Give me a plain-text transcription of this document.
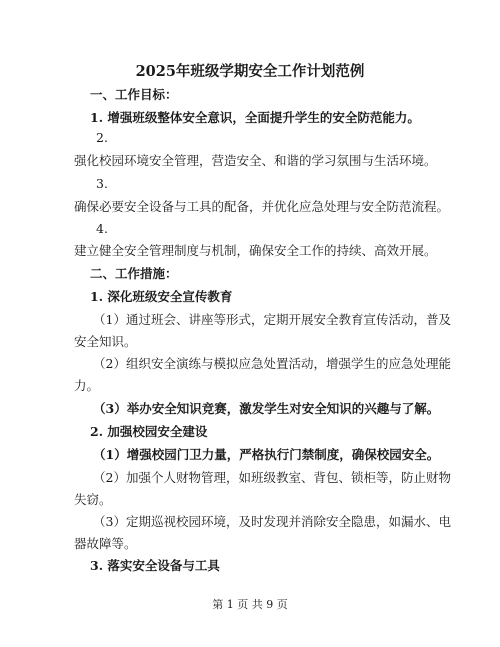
2025年班级学期安全工作计划范例
一、工作目标：
1. 增强班级整体安全意识，全面提升学生的安全防范能力。
2.
强化校园环境安全管理，营造安全、和谐的学习氛围与生活环境。
3.
确保必要安全设备与工具的配备，并优化应急处理与安全防范流程。
4.
建立健全安全管理制度与机制，确保安全工作的持续、高效开展。
二、工作措施：
1. 深化班级安全宣传教育
（1）通过班会、讲座等形式，定期开展安全教育宣传活动，普及
安全知识。
（2）组织安全演练与模拟应急处置活动，增强学生的应急处理能
力。
（3）举办安全知识竞赛，激发学生对安全知识的兴趣与了解。
2. 加强校园安全建设
（1）增强校园门卫力量，严格执行门禁制度，确保校园安全。
（2）加强个人财物管理，如班级教室、背包、锁柜等，防止财物
失窃。
（3）定期巡视校园环境，及时发现并消除安全隐患，如漏水、电
器故障等。
3. 落实安全设备与工具
第 1 页 共 9 页
